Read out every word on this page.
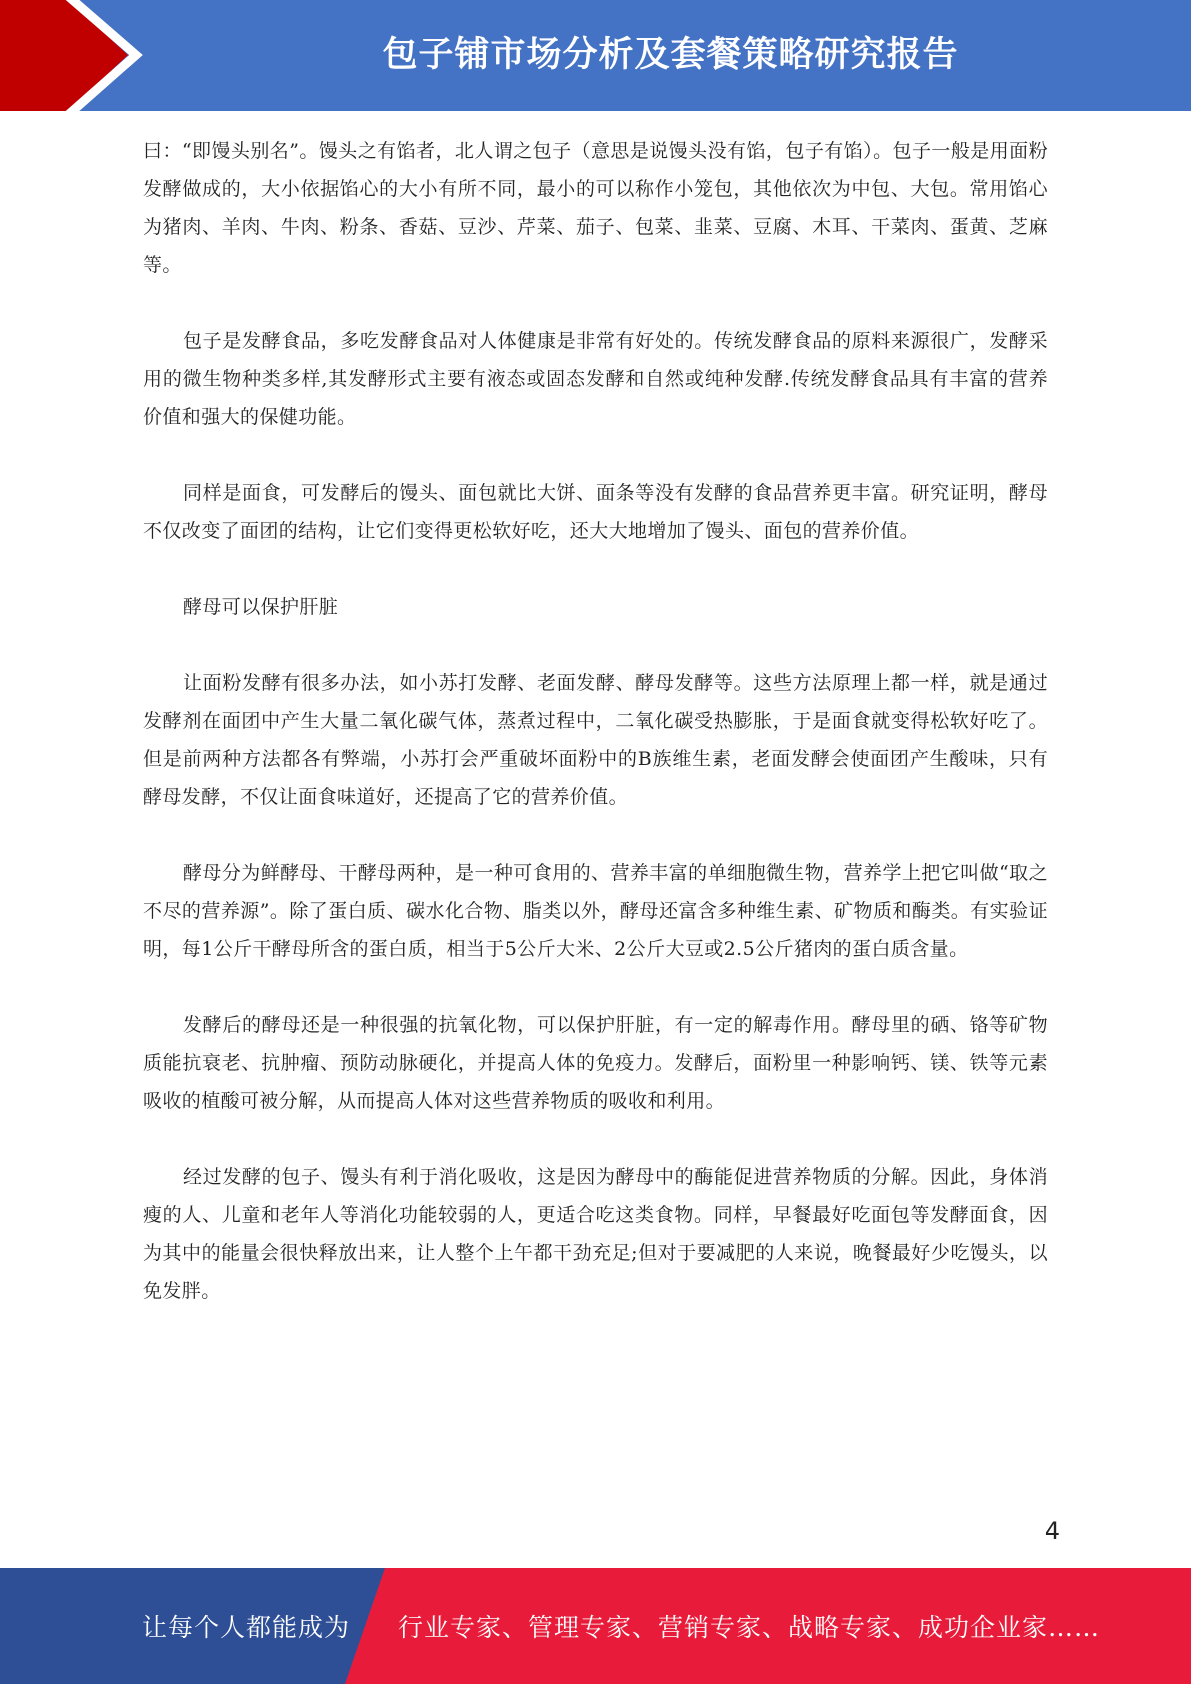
包子铺市场分析及套餐策略研究报告

曰：“即馒头别名”。馒头之有馅者，北人谓之包子（意思是说馒头没有馅，包子有馅）。包子一般是用面粉发酵做成的，大小依据馅心的大小有所不同，最小的可以称作小笼包，其他依次为中包、大包。常用馅心为猪肉、羊肉、牛肉、粉条、香菇、豆沙、芹菜、茄子、包菜、韭菜、豆腐、木耳、干菜肉、蛋黄、芝麻等。

包子是发酵食品，多吃发酵食品对人体健康是非常有好处的。传统发酵食品的原料来源很广，发酵采用的微生物种类多样,其发酵形式主要有液态或固态发酵和自然或纯种发酵.传统发酵食品具有丰富的营养价值和强大的保健功能。

同样是面食，可发酵后的馒头、面包就比大饼、面条等没有发酵的食品营养更丰富。研究证明，酵母不仅改变了面团的结构，让它们变得更松软好吃，还大大地增加了馒头、面包的营养价值。

酵母可以保护肝脏

让面粉发酵有很多办法，如小苏打发酵、老面发酵、酵母发酵等。这些方法原理上都一样，就是通过发酵剂在面团中产生大量二氧化碳气体，蒸煮过程中，二氧化碳受热膨胀，于是面食就变得松软好吃了。但是前两种方法都各有弊端，小苏打会严重破坏面粉中的B族维生素，老面发酵会使面团产生酸味，只有酵母发酵，不仅让面食味道好，还提高了它的营养价值。

酵母分为鲜酵母、干酵母两种，是一种可食用的、营养丰富的单细胞微生物，营养学上把它叫做“取之不尽的营养源”。除了蛋白质、碳水化合物、脂类以外，酵母还富含多种维生素、矿物质和酶类。有实验证明，每1公斤干酵母所含的蛋白质，相当于5公斤大米、2公斤大豆或2.5公斤猪肉的蛋白质含量。

发酵后的酵母还是一种很强的抗氧化物，可以保护肝脏，有一定的解毒作用。酵母里的硒、铬等矿物质能抗衰老、抗肿瘤、预防动脉硬化，并提高人体的免疫力。发酵后，面粉里一种影响钙、镁、铁等元素吸收的植酸可被分解，从而提高人体对这些营养物质的吸收和利用。

经过发酵的包子、馒头有利于消化吸收，这是因为酵母中的酶能促进营养物质的分解。因此，身体消瘦的人、儿童和老年人等消化功能较弱的人，更适合吃这类食物。同样，早餐最好吃面包等发酵面食，因为其中的能量会很快释放出来，让人整个上午都干劲充足;但对于要减肥的人来说，晚餐最好少吃馒头，以免发胖。

4
让每个人都能成为 行业专家、管理专家、营销专家、战略专家、成功企业家……
